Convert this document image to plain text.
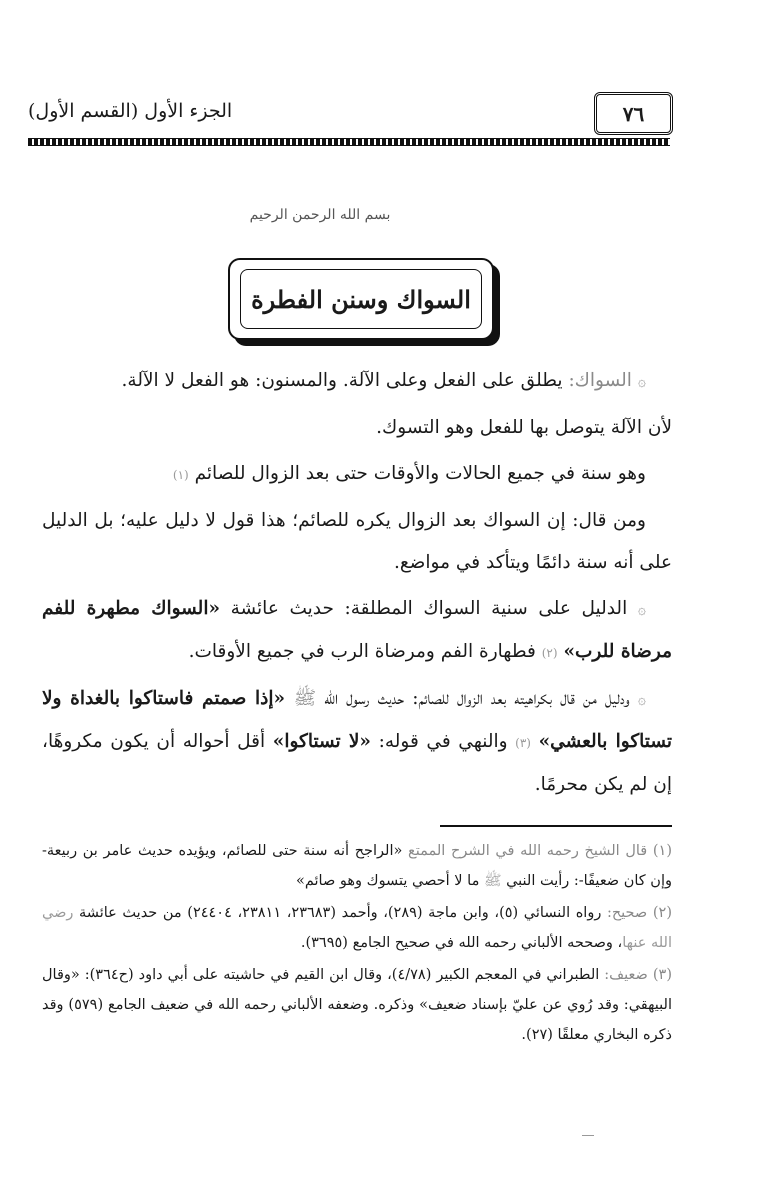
٧٦
الجزء الأول (القسم الأول)
بسم الله الرحمن الرحيم
السواك وسنن الفطرة

۞ السواك: يطلق على الفعل وعلى الآلة. والمسنون: هو الفعل لا الآلة.

لأن الآلة يتوصل بها للفعل وهو التسوك.

وهو سنة في جميع الحالات والأوقات حتى بعد الزوال للصائم (١)

ومن قال: إن السواك بعد الزوال يكره للصائم؛ هذا قول لا دليل عليه؛ بل الدليل على أنه سنة دائمًا ويتأكد في مواضع.

۞ الدليل على سنية السواك المطلقة: حديث عائشة «السواك مطهرة للفم مرضاة للرب» (٢) فطهارة الفم ومرضاة الرب في جميع الأوقات.

۞ ودليل من قال بكراهيته بعد الزوال للصائم: حديث رسول الله ﷺ «إذا صمتم فاستاكوا بالغداة ولا تستاكوا بالعشي» (٣) والنهي في قوله: «لا تستاكوا» أقل أحواله أن يكون مكروهًا، إن لم يكن محرمًا.

(١) قال الشيخ رحمه الله في الشرح الممتع «الراجح أنه سنة حتى للصائم، ويؤيده حديث عامر بن ربيعة- وإن كان ضعيفًا-: رأيت النبي ﷺ ما لا أحصي يتسوك وهو صائم»

(٢) صحيح: رواه النسائي (٥)، وابن ماجة (٢٨٩)، وأحمد (٢٣٦٨٣، ٢٣٨١١، ٢٤٤٠٤) من حديث عائشة رضي الله عنها، وصححه الألباني رحمه الله في صحيح الجامع (٣٦٩٥).

(٣) ضعيف: الطبراني في المعجم الكبير (٤/٧٨)، وقال ابن القيم في حاشيته على أبي داود (ح٣٦٤): «وقال البيهقي: وقد رُوي عن عليّ بإسناد ضعيف» وذكره. وضعفه الألباني رحمه الله في ضعيف الجامع (٥٧٩) وقد ذكره البخاري معلقًا (٢٧).
